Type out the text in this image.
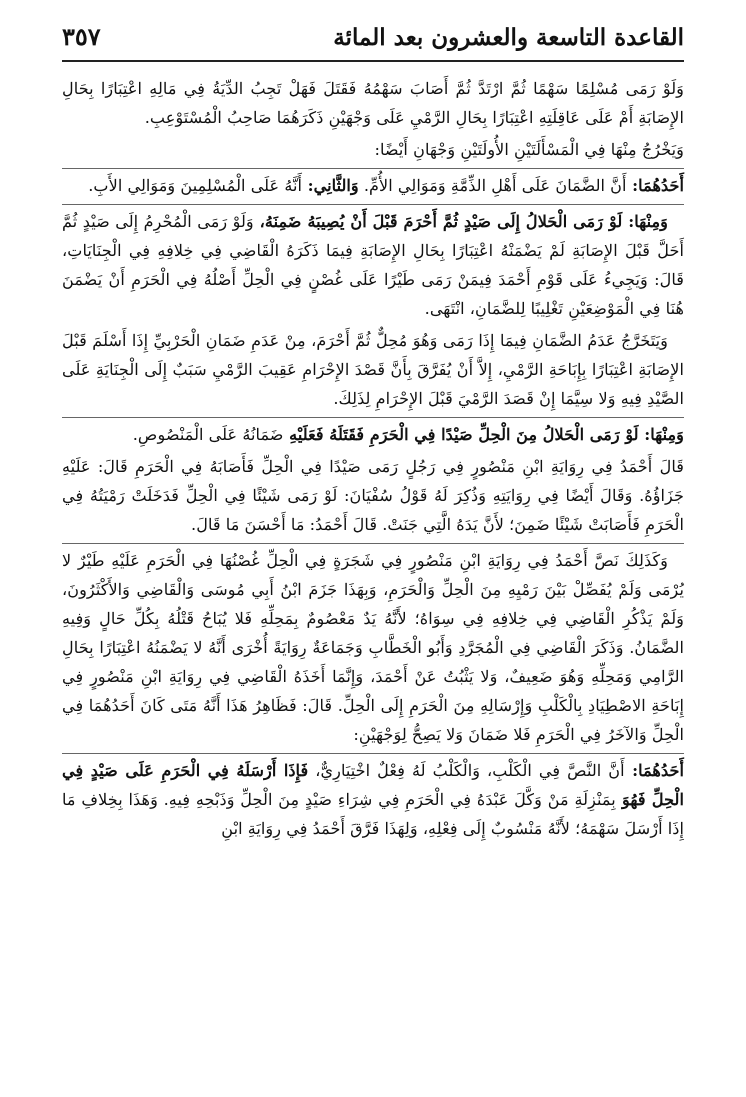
القاعدة التاسعة والعشرون بعد المائة
٣٥٧

وَلَوْ رَمَى مُسْلِمًا سَهْمًا ثُمَّ ارْتَدَّ ثُمَّ أَصَابَ سَهْمُهُ فَقَتَلَ فَهَلْ تَجِبُ الدِّيَةُ فِي مَالِهِ اعْتِبَارًا بِحَالِ الإِصَابَةِ أَمْ عَلَى عَاقِلَتِهِ اعْتِبَارًا بِحَالِ الرَّمْيِ عَلَى وَجْهَيْنِ ذَكَرَهُمَا صَاحِبُ الْمُسْتَوْعِبِ.

وَيَخْرُجُ مِنْهَا فِي الْمَسْأَلَتَيْنِ الأُولَتَيْنِ وَجْهَانِ أَيْضًا:

أَحَدُهُمَا: أَنَّ الضَّمَانَ عَلَى أَهْلِ الذِّمَّةِ وَمَوَالِي الأُمِّ. وَالثَّانِي: أَنَّهُ عَلَى الْمُسْلِمِينَ وَمَوَالِي الأَبِ.

وَمِنْهَا: لَوْ رَمَى الْحَلالُ إِلَى صَيْدٍ ثُمَّ أَحْرَمَ قَبْلَ أَنْ يُصِيبَهُ ضَمِنَهُ، وَلَوْ رَمَى الْمُحْرِمُ إِلَى صَيْدٍ ثُمَّ أَحَلَّ قَبْلَ الإِصَابَةِ لَمْ يَضْمَنْهُ اعْتِبَارًا بِحَالِ الإِصَابَةِ فِيمَا ذَكَرَهُ الْقَاضِي فِي خِلافِهِ فِي الْجِنَايَاتِ، قَالَ: وَيَجِيءُ عَلَى قَوْمِ أَحْمَدَ فِيمَنْ رَمَى طَيْرًا عَلَى غُصْنٍ فِي الْحِلِّ أَصْلُهُ فِي الْحَرَمِ أَنْ يَضْمَنَ هُنَا فِي الْمَوْضِعَيْنِ تَغْلِيبًا لِلضَّمَانِ، انْتَهَى.

وَيَتَخَرَّجُ عَدَمُ الضَّمَانِ فِيمَا إِذَا رَمَى وَهُوَ مُحِلٌّ ثُمَّ أَحْرَمَ، مِنْ عَدَمِ ضَمَانِ الْحَرْبِيِّ إِذَا أَسْلَمَ قَبْلَ الإِصَابَةِ اعْتِبَارًا بِإِبَاحَةِ الرَّمْيِ، إِلاَّ أَنْ يُفَرَّقَ بِأَنَّ قَصْدَ الإِحْرَامِ عَقِيبَ الرَّمْيِ سَبَبٌ إِلَى الْجِنَايَةِ عَلَى الصَّيْدِ فِيهِ وَلا سِيَّمَا إِنْ قَصَدَ الرَّمْيَ قَبْلَ الإِحْرَامِ لِذَلِكَ.

وَمِنْهَا: لَوْ رَمَى الْحَلالُ مِنَ الْحِلِّ صَيْدًا فِي الْحَرَمِ فَقَتَلَهُ فَعَلَيْهِ ضَمَانُهُ عَلَى الْمَنْصُوصِ.

قَالَ أَحْمَدُ فِي رِوَايَةِ ابْنِ مَنْصُورٍ فِي رَجُلٍ رَمَى صَيْدًا فِي الْحِلِّ فَأَصَابَهُ فِي الْحَرَمِ قَالَ: عَلَيْهِ جَزَاؤُهُ. وَقَالَ أَيْضًا فِي رِوَايَتِهِ وَذُكِرَ لَهُ قَوْلُ سُفْيَانَ: لَوْ رَمَى شَيْئًا فِي الْحِلِّ فَدَخَلَتْ رَمْيَتُهُ فِي الْحَرَمِ فَأَصَابَتْ شَيْئًا ضَمِنَ؛ لأَنَّ يَدَهُ الَّتِي جَنَتْ. قَالَ أَحْمَدُ: مَا أَحْسَنَ مَا قَالَ.

وَكَذَلِكَ نَصَّ أَحْمَدُ فِي رِوَايَةِ ابْنِ مَنْصُورٍ فِي شَجَرَةٍ فِي الْحِلِّ غُصْنُهَا فِي الْحَرَمِ عَلَيْهِ طَيْرٌ لا يُرْمَى وَلَمْ يُفَصِّلْ بَيْنَ رَمْيِهِ مِنَ الْحِلِّ وَالْحَرَمِ، وَبِهَذَا جَزَمَ ابْنُ أَبِي مُوسَى وَالْقَاضِي وَالأَكْثَرُونَ، وَلَمْ يَذْكُرِ الْقَاضِي فِي خِلافِهِ فِي سِوَاهُ؛ لأَنَّهُ يَدٌ مَعْصُومٌ بِمَحِلِّهِ فَلا يُبَاحُ قَتْلُهُ بِكُلِّ حَالٍ وَفِيهِ الضَّمَانُ. وَذَكَرَ الْقَاضِي فِي الْمُجَرَّدِ وَأَبُو الْخَطَّابِ وَجَمَاعَةٌ رِوَايَةً أُخْرَى أَنَّهُ لا يَضْمَنُهُ اعْتِبَارًا بِحَالِ الرَّامِي وَمَحِلِّهِ وَهُوَ ضَعِيفٌ، وَلا يَثْبُتُ عَنْ أَحْمَدَ، وَإِنَّمَا أَخَذَهُ الْقَاضِي فِي رِوَايَةِ ابْنِ مَنْصُورٍ فِي إِبَاحَةِ الاصْطِيَادِ بِالْكَلْبِ وَإِرْسَالِهِ مِنَ الْحَرَمِ إِلَى الْحِلِّ. قَالَ: فَظَاهِرُ هَذَا أَنَّهُ مَتَى كَانَ أَحَدُهُمَا فِي الْحِلِّ وَالآخَرُ فِي الْحَرَمِ فَلا ضَمَانَ وَلا يَصِحُّ لِوَجْهَيْنِ:

أَحَدُهُمَا: أَنَّ النَّصَّ فِي الْكَلْبِ، وَالْكَلْبُ لَهُ فِعْلٌ اخْتِيَارِيٌّ، فَإِذَا أَرْسَلَهُ فِي الْحَرَمِ عَلَى صَيْدٍ فِي الْحِلِّ فَهُوَ بِمَنْزِلَةِ مَنْ وَكَّلَ عَبْدَهُ فِي الْحَرَمِ فِي شِرَاءِ صَيْدٍ مِنَ الْحِلِّ وَذَبْحِهِ فِيهِ. وَهَذَا بِخِلافِ مَا إِذَا أَرْسَلَ سَهْمَهُ؛ لأَنَّهُ مَنْسُوبٌ إِلَى فِعْلِهِ، وَلِهَذَا فَرَّقَ أَحْمَدُ فِي رِوَايَةِ ابْنِ
